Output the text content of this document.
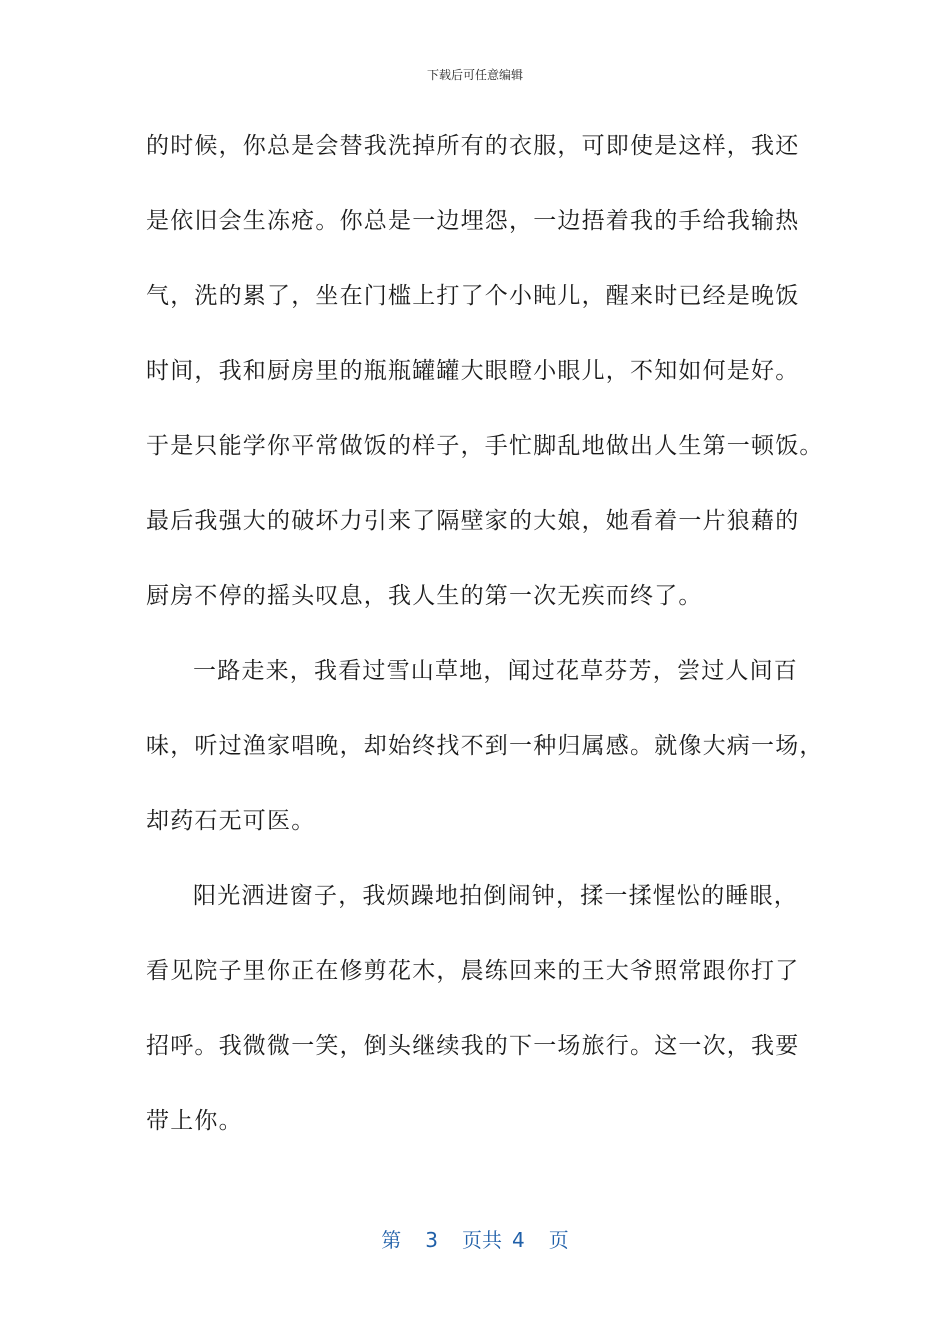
下载后可任意编辑
的时候，你总是会替我洗掉所有的衣服，可即使是这样，我还
是依旧会生冻疮。你总是一边埋怨，一边捂着我的手给我输热
气，洗的累了，坐在门槛上打了个小盹儿，醒来时已经是晚饭
时间，我和厨房里的瓶瓶罐罐大眼瞪小眼儿，不知如何是好。
于是只能学你平常做饭的样子，手忙脚乱地做出人生第一顿饭。
最后我强大的破坏力引来了隔壁家的大娘，她看着一片狼藉的
厨房不停的摇头叹息，我人生的第一次无疾而终了。
一路走来，我看过雪山草地，闻过花草芬芳，尝过人间百
味，听过渔家唱晚，却始终找不到一种归属感。就像大病一场，
却药石无可医。
阳光洒进窗子，我烦躁地拍倒闹钟，揉一揉惺忪的睡眼，
看见院子里你正在修剪花木，晨练回来的王大爷照常跟你打了
招呼。我微微一笑，倒头继续我的下一场旅行。这一次，我要
带上你。
第 3 页共 4 页
